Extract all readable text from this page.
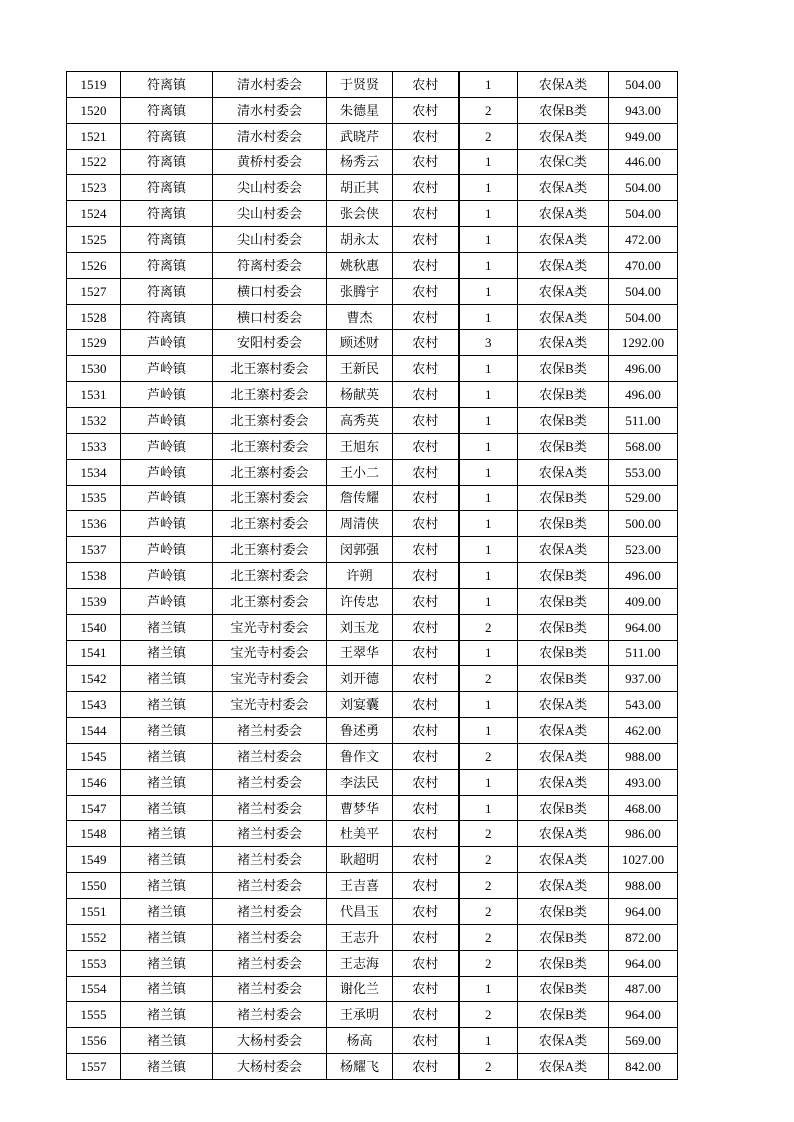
1519	符离镇	清水村委会	于贤贤	农村	1	农保A类	504.00
1520	符离镇	清水村委会	朱德星	农村	2	农保B类	943.00
1521	符离镇	清水村委会	武晓芹	农村	2	农保A类	949.00
1522	符离镇	黄桥村委会	杨秀云	农村	1	农保C类	446.00
1523	符离镇	尖山村委会	胡正其	农村	1	农保A类	504.00
1524	符离镇	尖山村委会	张会侠	农村	1	农保A类	504.00
1525	符离镇	尖山村委会	胡永太	农村	1	农保A类	472.00
1526	符离镇	符离村委会	姚秋惠	农村	1	农保A类	470.00
1527	符离镇	横口村委会	张腾宇	农村	1	农保A类	504.00
1528	符离镇	横口村委会	曹杰	农村	1	农保A类	504.00
1529	芦岭镇	安阳村委会	顾述财	农村	3	农保A类	1292.00
1530	芦岭镇	北王寨村委会	王新民	农村	1	农保B类	496.00
1531	芦岭镇	北王寨村委会	杨献英	农村	1	农保B类	496.00
1532	芦岭镇	北王寨村委会	高秀英	农村	1	农保B类	511.00
1533	芦岭镇	北王寨村委会	王旭东	农村	1	农保B类	568.00
1534	芦岭镇	北王寨村委会	王小二	农村	1	农保A类	553.00
1535	芦岭镇	北王寨村委会	詹传耀	农村	1	农保B类	529.00
1536	芦岭镇	北王寨村委会	周清侠	农村	1	农保B类	500.00
1537	芦岭镇	北王寨村委会	闵郭强	农村	1	农保A类	523.00
1538	芦岭镇	北王寨村委会	许朔	农村	1	农保B类	496.00
1539	芦岭镇	北王寨村委会	许传忠	农村	1	农保B类	409.00
1540	褚兰镇	宝光寺村委会	刘玉龙	农村	2	农保B类	964.00
1541	褚兰镇	宝光寺村委会	王翠华	农村	1	农保B类	511.00
1542	褚兰镇	宝光寺村委会	刘开德	农村	2	农保B类	937.00
1543	褚兰镇	宝光寺村委会	刘宴囊	农村	1	农保A类	543.00
1544	褚兰镇	褚兰村委会	鲁述勇	农村	1	农保A类	462.00
1545	褚兰镇	褚兰村委会	鲁作文	农村	2	农保A类	988.00
1546	褚兰镇	褚兰村委会	李法民	农村	1	农保A类	493.00
1547	褚兰镇	褚兰村委会	曹梦华	农村	1	农保B类	468.00
1548	褚兰镇	褚兰村委会	杜美平	农村	2	农保A类	986.00
1549	褚兰镇	褚兰村委会	耿超明	农村	2	农保A类	1027.00
1550	褚兰镇	褚兰村委会	王吉喜	农村	2	农保A类	988.00
1551	褚兰镇	褚兰村委会	代昌玉	农村	2	农保B类	964.00
1552	褚兰镇	褚兰村委会	王志升	农村	2	农保B类	872.00
1553	褚兰镇	褚兰村委会	王志海	农村	2	农保B类	964.00
1554	褚兰镇	褚兰村委会	谢化兰	农村	1	农保B类	487.00
1555	褚兰镇	褚兰村委会	王承明	农村	2	农保B类	964.00
1556	褚兰镇	大杨村委会	杨高	农村	1	农保A类	569.00
1557	褚兰镇	大杨村委会	杨耀飞	农村	2	农保A类	842.00
